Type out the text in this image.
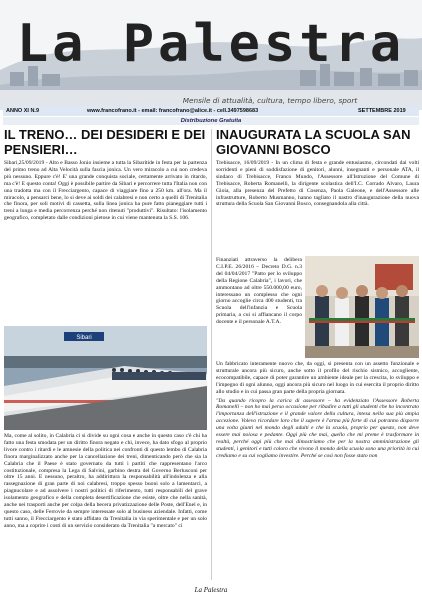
La Palestra
Mensile di attualità, cultura, tempo libero, sport
ANNO XI N.9	www.francofrano.it - email: francofrano@alice.it - cell.3497598683	SETTEMBRE 2019
Distribuzione Gratuita
IL TRENO… DEI DESIDERI E DEI PENSIERI…

Sibari,25/09/2019 - Alto e Basso Jonio insieme a tutta la Sibaritide in festa per la partenza del primo treno ad Alta Velocità sulla fascia jonica. Un vero miracolo a cui non credeva più nessuno. Eppure c'è! E' una grande conquista sociale, certamente arrivato in ritardo, ma c'è! E questo conta! Oggi è possibile partire da Sibari e percorrere tutta l'Italia non con una tradotta ma con il Frecciargento, capace di viaggiare fino a 250 km. all'ora. Ma il miracolo, a pensarci bene, lo si deve ai soldi dei calabresi e non certo a quelli di Trenitalia che finora, per soli motivi di cassetta, sulla linea jonica ha pure fatto pianeggiare tutti i treni a lunga e media percorrenza perché non ritenuti "produttivi". Risultato: l'isolamento geografico, completato dalle condizioni pietose in cui viene mantenuta la S.S. 106.

Sibari

Ma, come al solito, in Calabria ci si divide su ogni cosa e anche in questo caso c'è chi ha fatto una festa smodata per un diritto finora negato e chi, invece, ha dato sfogo al proprio livore contro i ritardi e le amnesie della politica nei confronti di questo lembo di Calabria finora marginalizzato anche per la cancellazione dei treni, dimenticando però che sia la Calabria che il Paese è stato governato da tutti i partiti che rappresentano l'arco costituzionale, compresa la Lega di Salvini, garbino destra del Governo Berlusconi per oltre 15 anni. E nessuno, peraltro, ha addirittura la responsabilità all'indolenza e alla rassegnazione di gran parte di noi calabresi, troppo spesso buoni solo a lamentarci, a piagnucolare e ad assolvere i nostri politici di riferimento, tutti responsabili del grave isolamento geografico e della completa desertificazione che esiste, oltre che nella sanità, anche nei trasporti anche per colpa della becera privatizzazione delle Poste, dell'Enel e, in questo caso, delle Ferrovie da sempre interessate solo al business aziendale. Infatti, come tutti sanno, il Frecciargento è stato affidato da Trenitalia in via sperimentale e per un solo anno, ma a coprire i costi di un servizio considerato da Trenitalia "a mercato" ci

INAUGURATA LA SCUOLA SAN GIOVANNI BOSCO

Trebisacce, 16/09/2019 - In un clima di festa e grande entusiasmo, circondati dai volti sorridenti e pieni di soddisfazione di genitori, alunni, insegnanti e personale ATA, il sindaco di Trebisacce, Franco Mundo, l'Assessore all'Istruzione del Comune di Trebisacce, Roberta Romanelli, la dirigente scolastica dell'I.C. Corrado Alvaro, Laura Gioia, alla presenza del Prefetto di Cosenza, Paola Galeone, e dell'Assessore alle infrastrutture, Roberto Musmanno, hanno tagliato il nastro d'inaugurazione della nuova struttura della Scuola San Giovanni Bosco, consegnandola alla città.

Finanziati attraverso la delibera C.I.P.E. 26/2016 – Decreto D.G. n.3 del 04/04/2017 "Patto per lo sviluppo della Regione Calabria", i lavori, che ammontano ad oltre 550.000,00 euro, interessano un complesso che ogni giorno accoglie circa 400 studenti, tra Scuola dell'infanzia e Scuola primaria, a cui si affiancano il corpo docente e il personale A.T.A.

Un fabbricato interamente nuovo che, da oggi, si presenta con un assetto funzionale e strutturale ancora più sicuro, anche sotto il profilo del rischio sismico, accogliente, ecocompatibile, capace di poter garantire un ambiente ideale per la crescita, lo sviluppo e l'impegno di ogni alunno, oggi ancora più sicuro nel luogo in cui esercita il proprio diritto allo studio e in cui passa gran parte della propria giornata.

"Da quando ricopro la carica di assessore – ha evidenziato l'Assessore Roberta Romanelli – non ho mai perso occasione per ribadire a tutti gli studenti che ho incontrato l'importanza dell'istruzione e il grande valore della cultura, intesa nella sua più ampia accezione. Volevo ricordare loro che il sapere è l'arma più forte di cui potranno disporre una volta giunti nel mondo degli adulti e che la scuola, proprio per questo, non deve essere mai noiosa e pedante. Oggi più che mai, quello che mi preme è trasformare in realtà, perché oggi più che mai dimostriamo che per la nostra amministrazione gli studenti, i genitori e tutti coloro che vivono il mondo della scuola sono una priorità in cui crediamo e su cui vogliamo investire. Perché se così non fosse stato non

La Palestra
